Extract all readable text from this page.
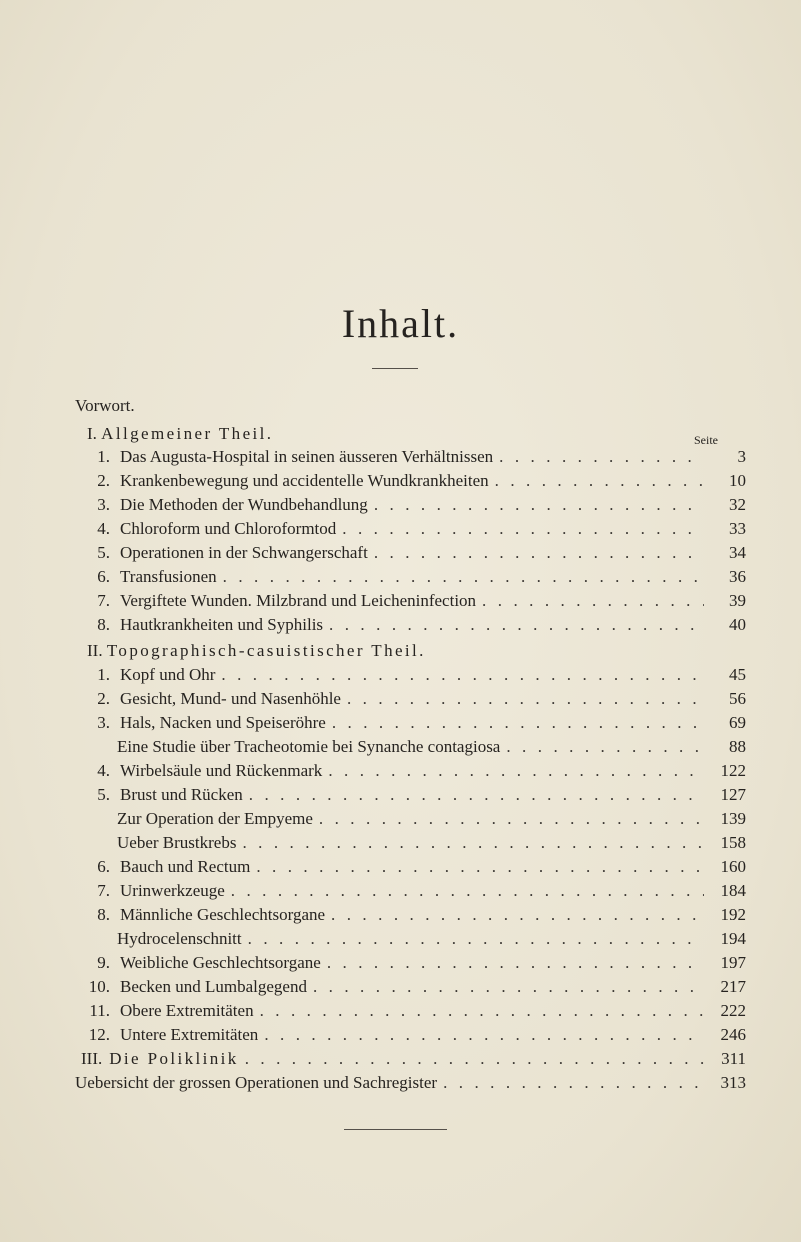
Inhalt.
Vorwort.
I. Allgemeiner Theil.	Seite
1. Das Augusta-Hospital in seinen äusseren Verhältnissen . . .	3
2. Krankenbewegung und accidentelle Wundkrankheiten . . .	10
3. Die Methoden der Wundbehandlung . . .	32
4. Chloroform und Chloroformtod . . .	33
5. Operationen in der Schwangerschaft . . .	34
6. Transfusionen . . .	36
7. Vergiftete Wunden. Milzbrand und Leicheninfection . . .	39
8. Hautkrankheiten und Syphilis . . .	40
II. Topographisch-casuistischer Theil.
1. Kopf und Ohr . . .	45
2. Gesicht, Mund- und Nasenhöhle . . .	56
3. Hals, Nacken und Speiseröhre . . .	69
Eine Studie über Tracheotomie bei Synanche contagiosa . . .	88
4. Wirbelsäule und Rückenmark . . .	122
5. Brust und Rücken . . .	127
Zur Operation der Empyeme . . .	139
Ueber Brustkrebs . . .	158
6. Bauch und Rectum . . .	160
7. Urinwerkzeuge . . .	184
8. Männliche Geschlechtsorgane . . .	192
Hydrocelenschnitt . . .	194
9. Weibliche Geschlechtsorgane . . .	197
10. Becken und Lumbalgegend . . .	217
11. Obere Extremitäten . . .	222
12. Untere Extremitäten . . .	246
III. Die Poliklinik . . .	311
Uebersicht der grossen Operationen und Sachregister . . .	313
